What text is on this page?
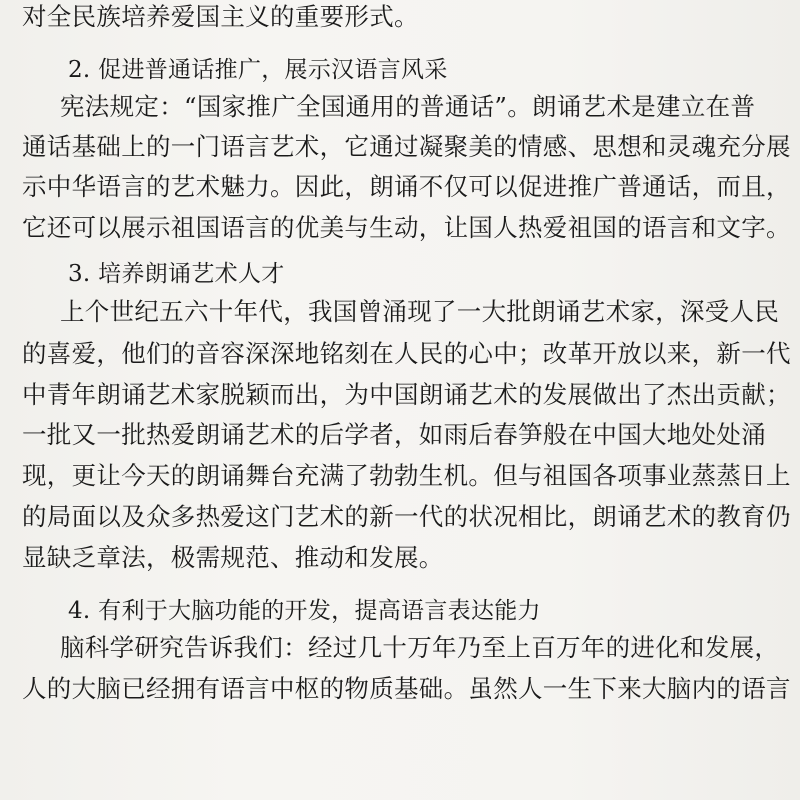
对全民族培养爱国主义的重要形式。
2. 促进普通话推广，展示汉语言风采
宪法规定：“国家推广全国通用的普通话”。朗诵艺术是建立在普
通话基础上的一门语言艺术，它通过凝聚美的情感、思想和灵魂充分展
示中华语言的艺术魅力。因此，朗诵不仅可以促进推广普通话，而且，
它还可以展示祖国语言的优美与生动，让国人热爱祖国的语言和文字。
3. 培养朗诵艺术人才
上个世纪五六十年代，我国曾涌现了一大批朗诵艺术家，深受人民
的喜爱，他们的音容深深地铭刻在人民的心中；改革开放以来，新一代
中青年朗诵艺术家脱颖而出，为中国朗诵艺术的发展做出了杰出贡献；
一批又一批热爱朗诵艺术的后学者，如雨后春笋般在中国大地处处涌
现，更让今天的朗诵舞台充满了勃勃生机。但与祖国各项事业蒸蒸日上
的局面以及众多热爱这门艺术的新一代的状况相比，朗诵艺术的教育仍
显缺乏章法，极需规范、推动和发展。
4. 有利于大脑功能的开发，提高语言表达能力
脑科学研究告诉我们：经过几十万年乃至上百万年的进化和发展，
人的大脑已经拥有语言中枢的物质基础。虽然人一生下来大脑内的语言
